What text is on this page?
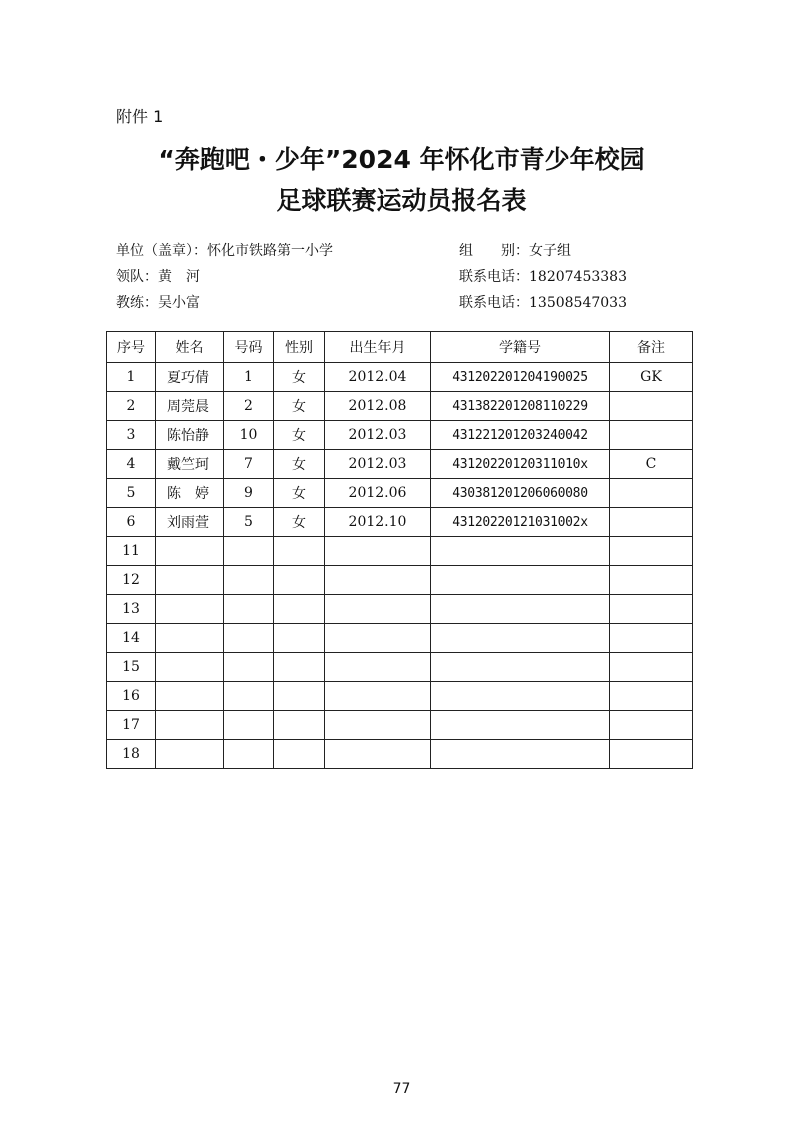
附件 1
“奔跑吧・少年”2024 年怀化市青少年校园
足球联赛运动员报名表
单位（盖章）：怀化市铁路第一小学	组　　别：女子组
领队：黄　河	联系电话：18207453383
教练：吴小富	联系电话：13508547033
序号	姓名	号码	性别	出生年月	学籍号	备注
1	夏巧倩	1	女	2012.04	431202201204190025	GK
2	周莞晨	2	女	2012.08	431382201208110229	
3	陈怡静	10	女	2012.03	431221201203240042	
4	戴竺珂	7	女	2012.03	43120220120311010x	C
5	陈　婷	9	女	2012.06	430381201206060080	
6	刘雨萱	5	女	2012.10	43120220121031002x	
11						
12						
13						
14						
15						
16						
17						
18						
77
